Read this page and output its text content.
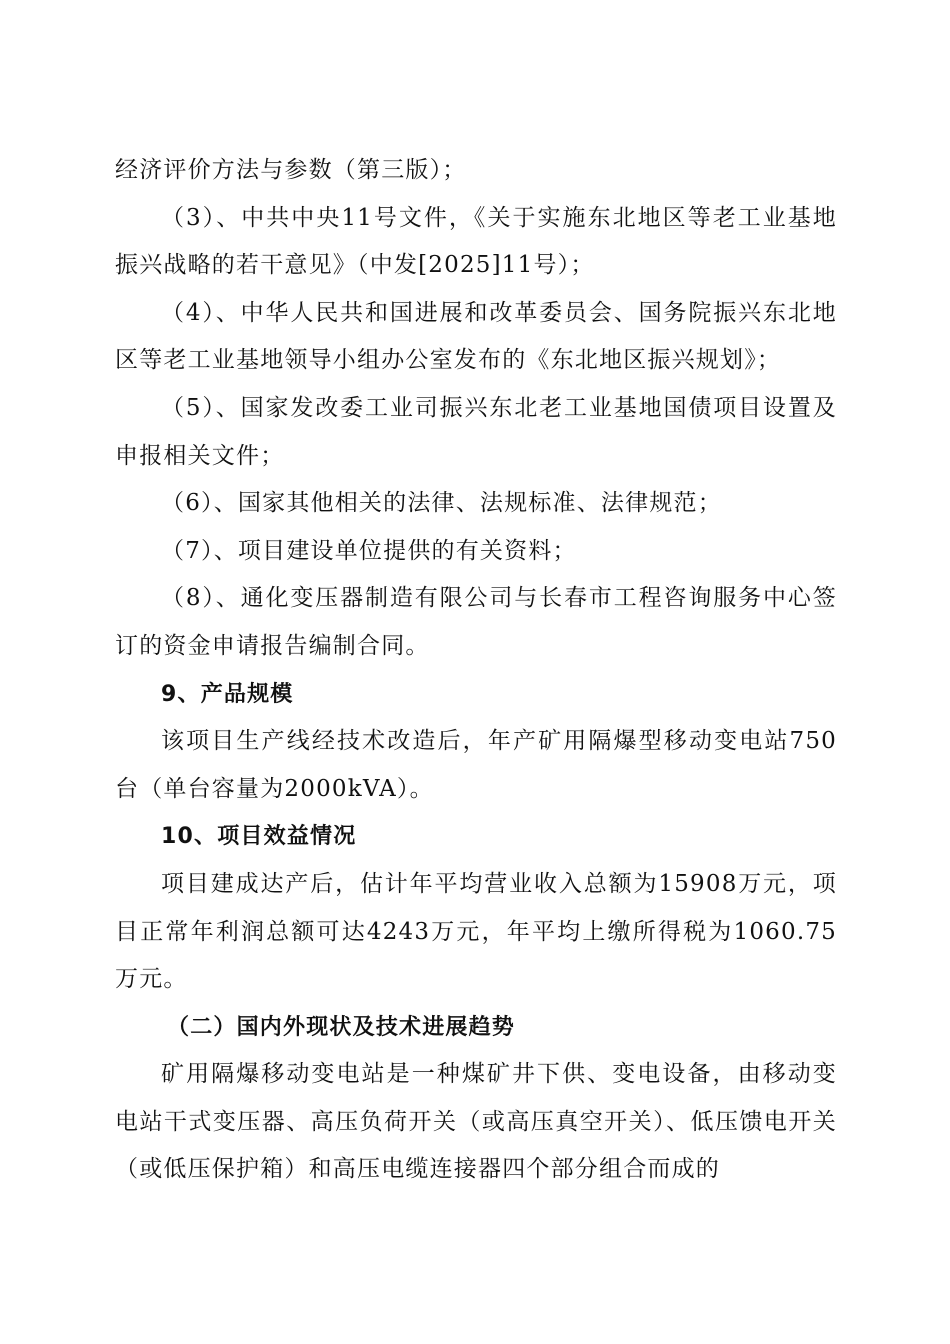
经济评价方法与参数（第三版）；

（3）、中共中央11号文件，《关于实施东北地区等老工业基地振兴战略的若干意见》（中发[2025]11号）；

（4）、中华人民共和国进展和改革委员会、国务院振兴东北地区等老工业基地领导小组办公室发布的《东北地区振兴规划》；

（5）、国家发改委工业司振兴东北老工业基地国债项目设置及申报相关文件；

（6）、国家其他相关的法律、法规标准、法律规范；

（7）、项目建设单位提供的有关资料；

（8）、通化变压器制造有限公司与长春市工程咨询服务中心签订的资金申请报告编制合同。

9、产品规模

该项目生产线经技术改造后，年产矿用隔爆型移动变电站750台（单台容量为2000kVA）。

10、项目效益情况

项目建成达产后，估计年平均营业收入总额为15908万元，项目正常年利润总额可达4243万元，年平均上缴所得税为1060.75万元。

（二）国内外现状及技术进展趋势

矿用隔爆移动变电站是一种煤矿井下供、变电设备，由移动变电站干式变压器、高压负荷开关（或高压真空开关）、低压馈电开关（或低压保护箱）和高压电缆连接器四个部分组合而成的
